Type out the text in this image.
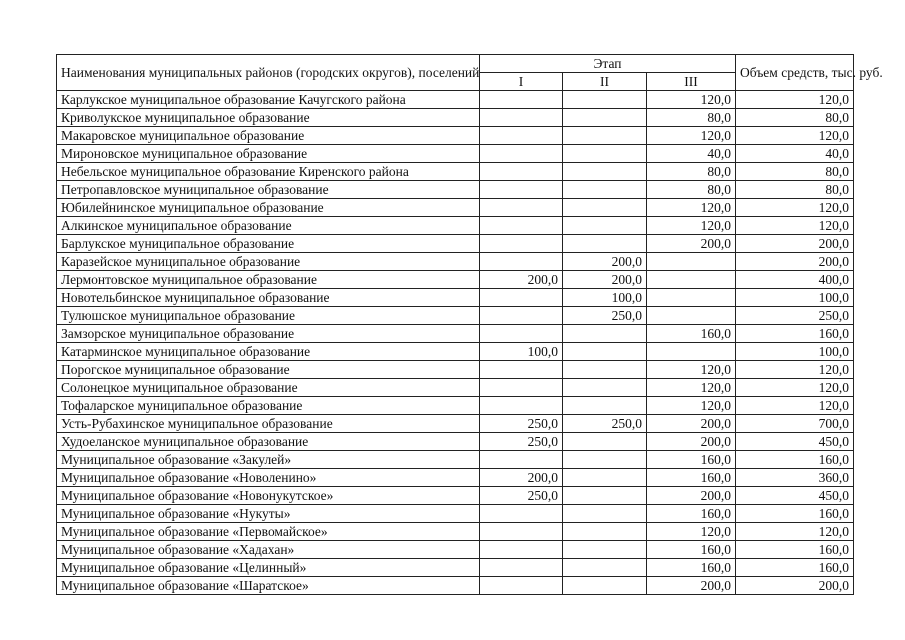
Наименования муниципальных районов (городских округов), поселений	Этап			Объем средств, тыс. руб.
	I	II	III	
Карлукское муниципальное образование Качугского района			120,0	120,0
Криволукское муниципальное образование			80,0	80,0
Макаровское муниципальное образование			120,0	120,0
Мироновское муниципальное образование			40,0	40,0
Небельское муниципальное образование Киренского района			80,0	80,0
Петропавловское муниципальное образование			80,0	80,0
Юбилейнинское муниципальное образование			120,0	120,0
Алкинское муниципальное образование			120,0	120,0
Барлукское муниципальное образование			200,0	200,0
Каразейское муниципальное образование		200,0		200,0
Лермонтовское муниципальное образование	200,0	200,0		400,0
Новотельбинское муниципальное образование		100,0		100,0
Тулюшское муниципальное образование		250,0		250,0
Замзорское муниципальное образование			160,0	160,0
Катарминское муниципальное образование	100,0			100,0
Порогское муниципальное образование			120,0	120,0
Солонецкое муниципальное образование			120,0	120,0
Тофаларское муниципальное образование			120,0	120,0
Усть-Рубахинское муниципальное образование	250,0	250,0	200,0	700,0
Худоеланское муниципальное образование	250,0		200,0	450,0
Муниципальное образование «Закулей»			160,0	160,0
Муниципальное образование «Новоленино»	200,0		160,0	360,0
Муниципальное образование «Новонукутское»	250,0		200,0	450,0
Муниципальное образование «Нукуты»			160,0	160,0
Муниципальное образование «Первомайское»			120,0	120,0
Муниципальное образование «Хадахан»			160,0	160,0
Муниципальное образование «Целинный»			160,0	160,0
Муниципальное образование «Шаратское»			200,0	200,0
